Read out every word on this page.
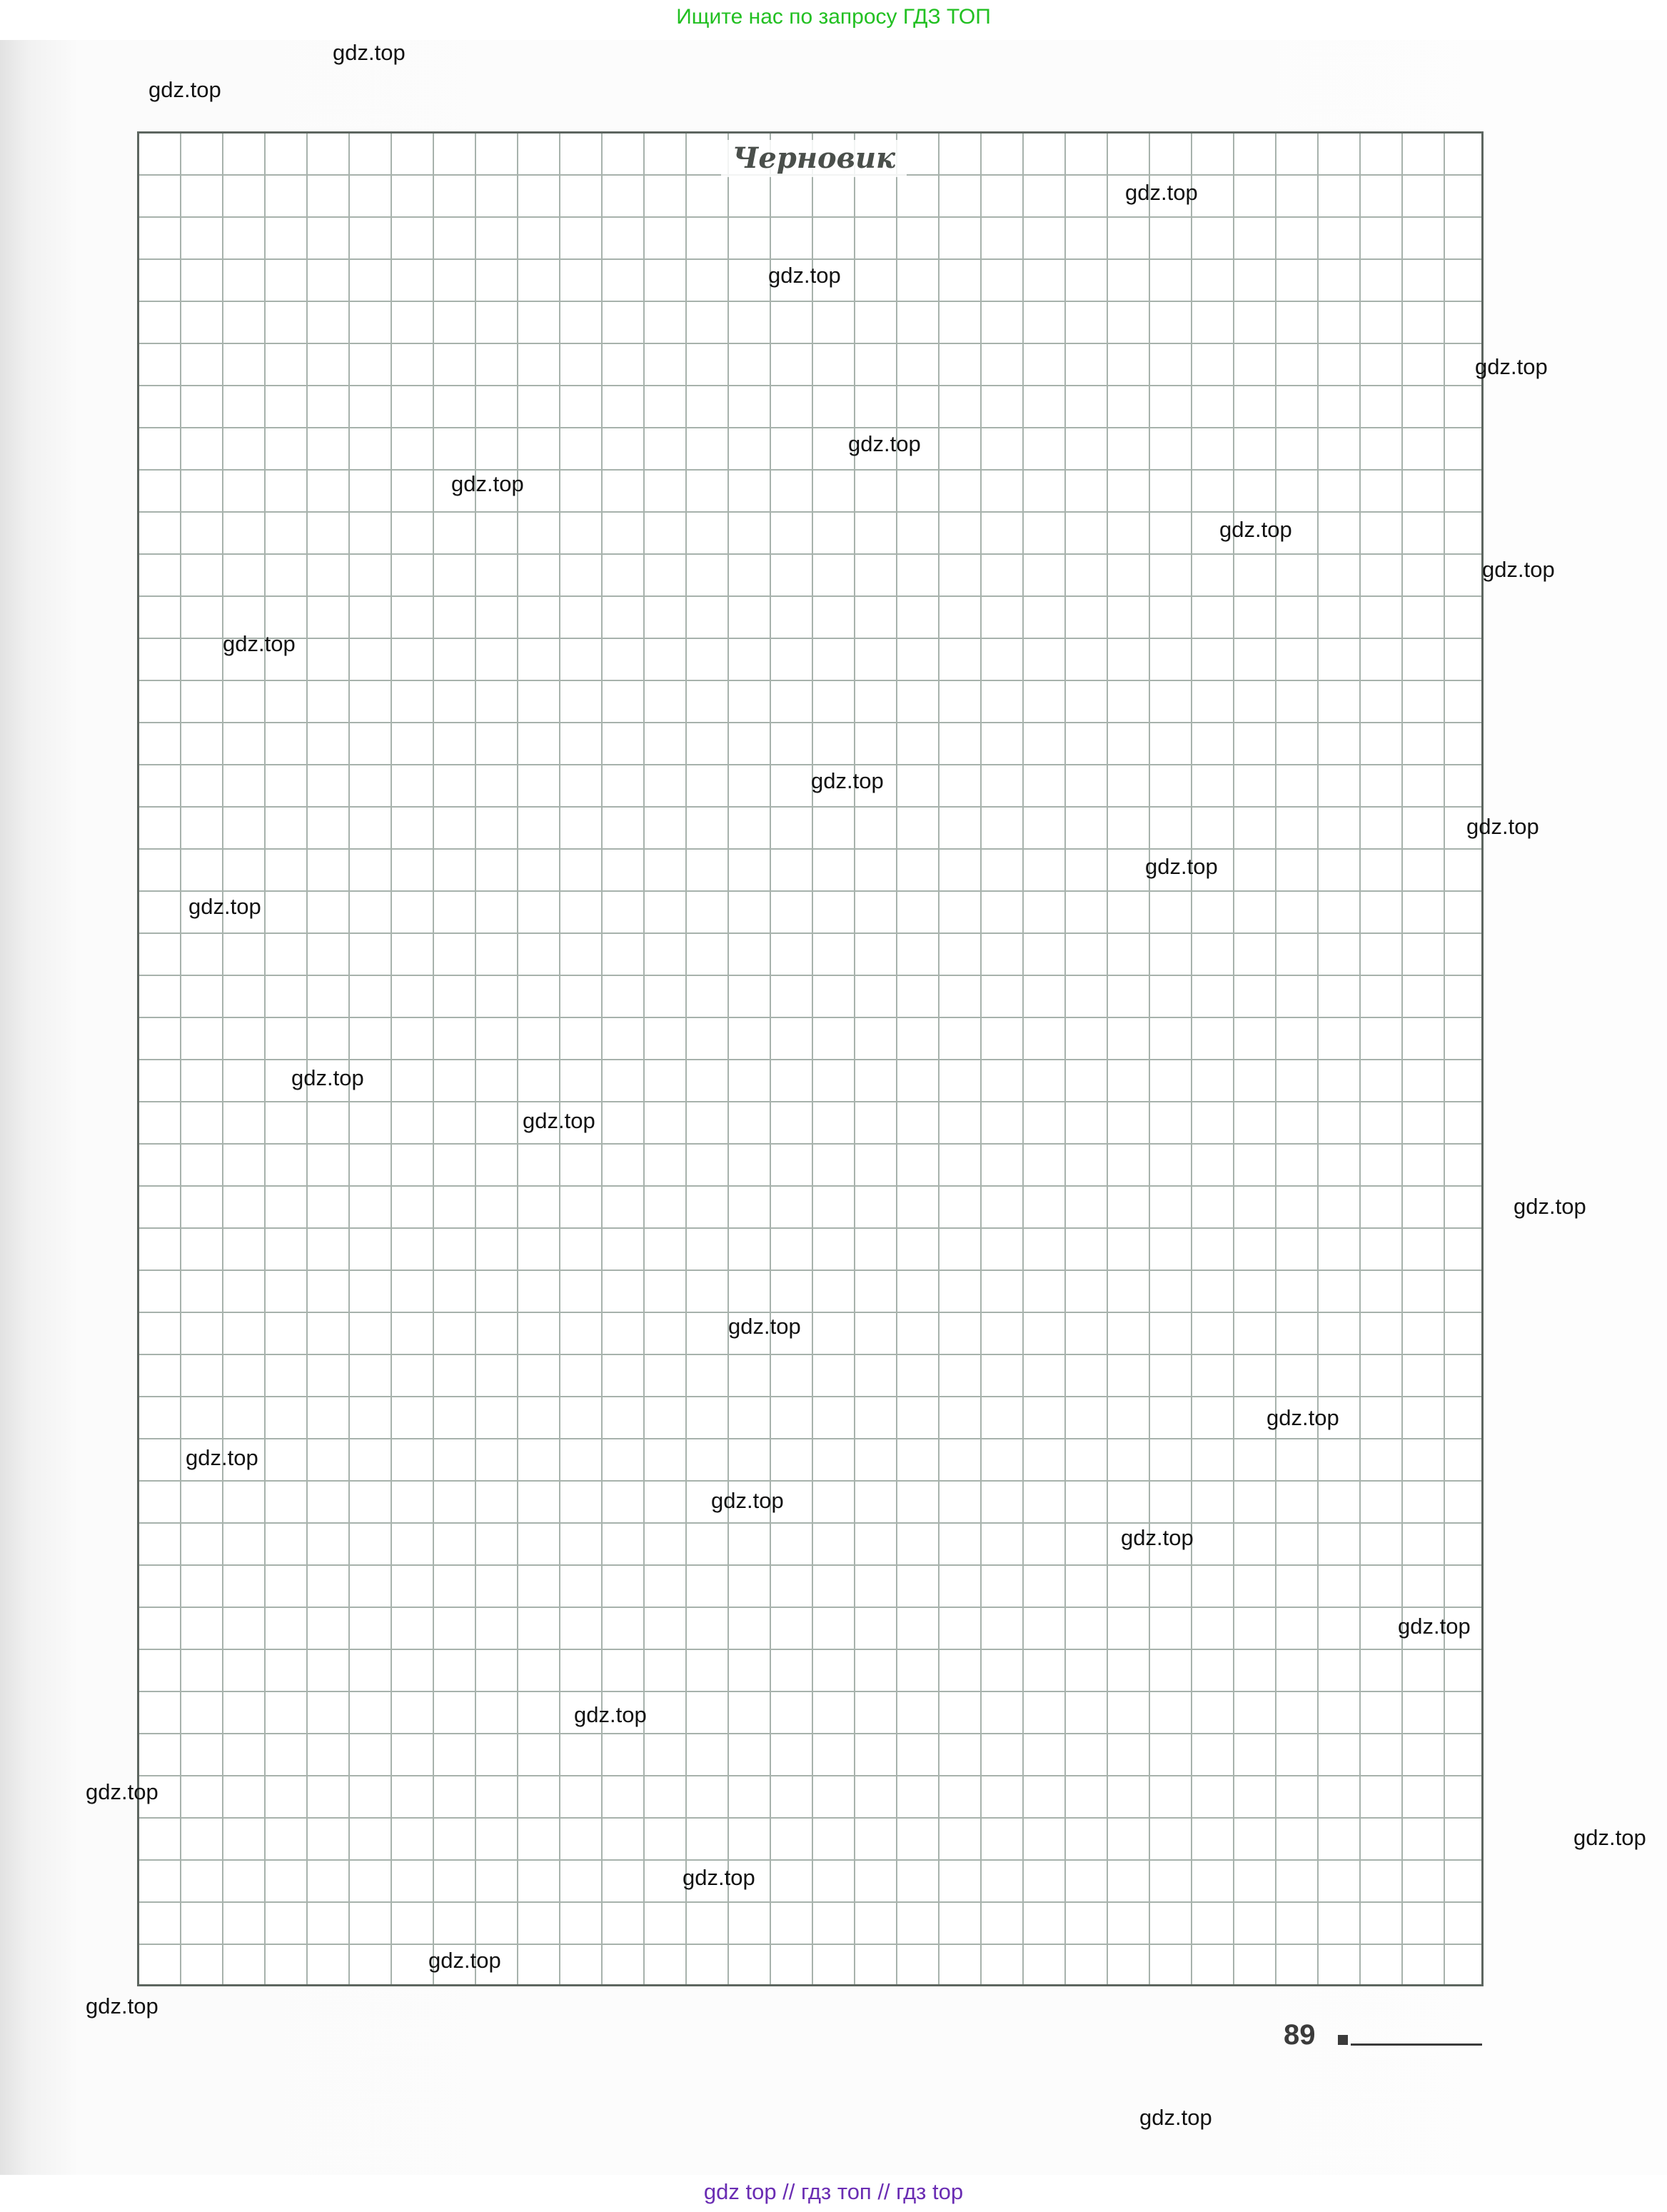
Ищите нас по запросу ГДЗ ТОП
Черновик
89
gdz.top
gdz.top
gdz.top
gdz.top
gdz.top
gdz.top
gdz.top
gdz.top
gdz.top
gdz.top
gdz.top
gdz.top
gdz.top
gdz.top
gdz.top
gdz.top
gdz.top
gdz.top
gdz.top
gdz.top
gdz.top
gdz.top
gdz.top
gdz.top
gdz.top
gdz.top
gdz.top
gdz.top
gdz.top
gdz.top
gdz top // гдз топ // гдз top
